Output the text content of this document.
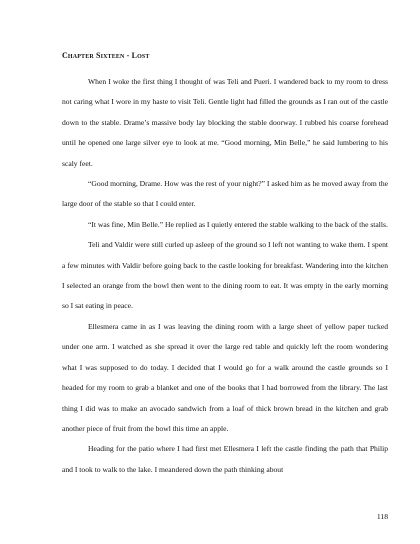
Chapter Sixteen - Lost

When I woke the first thing I thought of was Teli and Pueri. I wandered back to my room to dress not caring what I wore in my haste to visit Teli. Gentle light had filled the grounds as I ran out of the castle down to the stable. Drame’s massive body lay blocking the stable doorway. I rubbed his coarse forehead until he opened one large silver eye to look at me. “Good morning, Min Belle,” he said lumbering to his scaly feet.

“Good morning, Drame. How was the rest of your night?” I asked him as he moved away from the large door of the stable so that I could enter.

“It was fine, Min Belle.” He replied as I quietly entered the stable walking to the back of the stalls.

Teli and Valdir were still curled up asleep of the ground so I left not wanting to wake them. I spent a few minutes with Valdir before going back to the castle looking for breakfast. Wandering into the kitchen I selected an orange from the bowl then went to the dining room to eat. It was empty in the early morning so I sat eating in peace.

Ellesmera came in as I was leaving the dining room with a large sheet of yellow paper tucked under one arm. I watched as she spread it over the large red table and quickly left the room wondering what I was supposed to do today. I decided that I would go for a walk around the castle grounds so I headed for my room to grab a blanket and one of the books that I had borrowed from the library. The last thing I did was to make an avocado sandwich from a loaf of thick brown bread in the kitchen and grab another piece of fruit from the bowl this time an apple.

Heading for the patio where I had first met Ellesmera I left the castle finding the path that Philip and I took to walk to the lake. I meandered down the path thinking about

118
